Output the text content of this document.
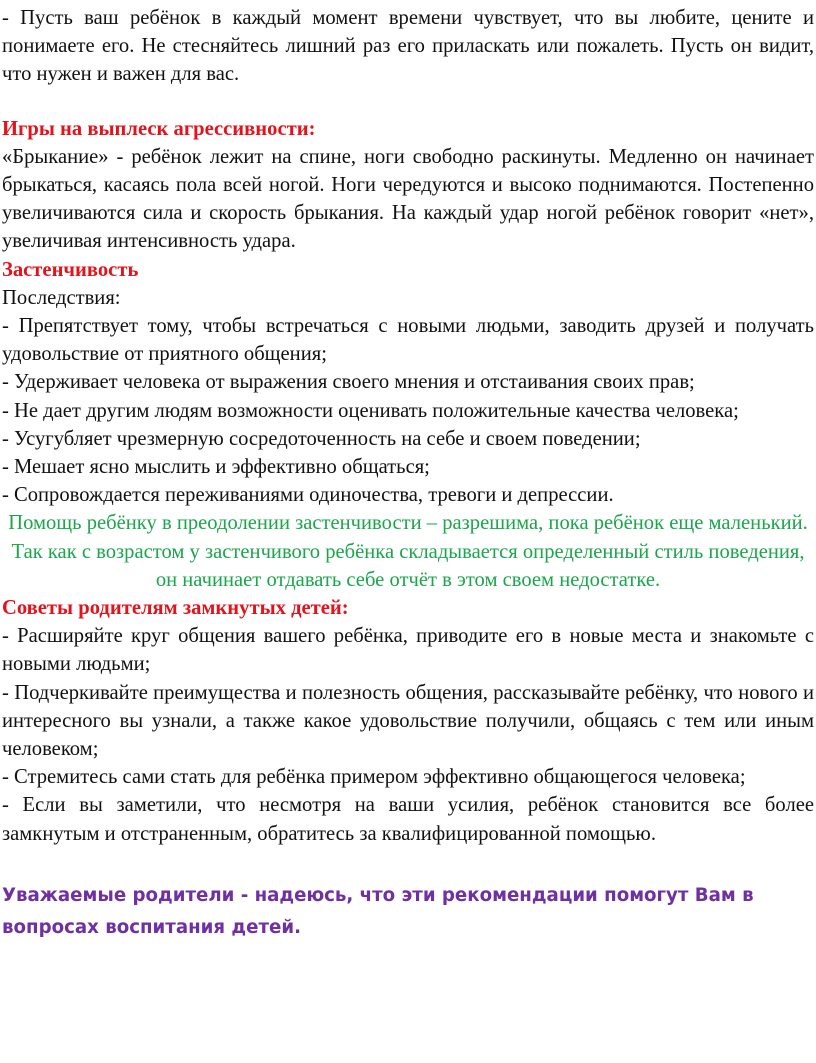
- Пусть ваш ребёнок в каждый момент времени чувствует, что вы любите, цените и понимаете его. Не стесняйтесь лишний раз его приласкать или пожалеть. Пусть он видит, что нужен и важен для вас.

Игры на выплеск агрессивности:

«Брыкание» - ребёнок лежит на спине, ноги свободно раскинуты. Медленно он начинает брыкаться, касаясь пола всей ногой. Ноги чередуются и высоко поднимаются. Постепенно увеличиваются сила и скорость брыкания. На каждый удар ногой ребёнок говорит «нет», увеличивая интенсивность удара.

Застенчивость

Последствия:

- Препятствует тому, чтобы встречаться с новыми людьми, заводить друзей и получать удовольствие от приятного общения;

- Удерживает человека от выражения своего мнения и отстаивания своих прав;

- Не дает другим людям возможности оценивать положительные качества человека;

- Усугубляет чрезмерную сосредоточенность на себе и своем поведении;

- Мешает ясно мыслить и эффективно общаться;

- Сопровождается переживаниями одиночества, тревоги и депрессии.

Помощь ребёнку в преодолении застенчивости – разрешима, пока ребёнок еще маленький. Так как с возрастом у застенчивого ребёнка складывается определенный стиль поведения, он начинает отдавать себе отчёт в этом своем недостатке.

Советы родителям замкнутых детей:

- Расширяйте круг общения вашего ребёнка, приводите его в новые места и знакомьте с новыми людьми;

- Подчеркивайте преимущества и полезность общения, рассказывайте ребёнку, что нового и интересного вы узнали, а также какое удовольствие получили, общаясь с тем или иным человеком;

- Стремитесь сами стать для ребёнка примером эффективно общающегося человека;

- Если вы заметили, что несмотря на ваши усилия, ребёнок становится все более замкнутым и отстраненным, обратитесь за квалифицированной помощью.

Уважаемые родители - надеюсь, что эти рекомендации помогут Вам в вопросах воспитания детей.
